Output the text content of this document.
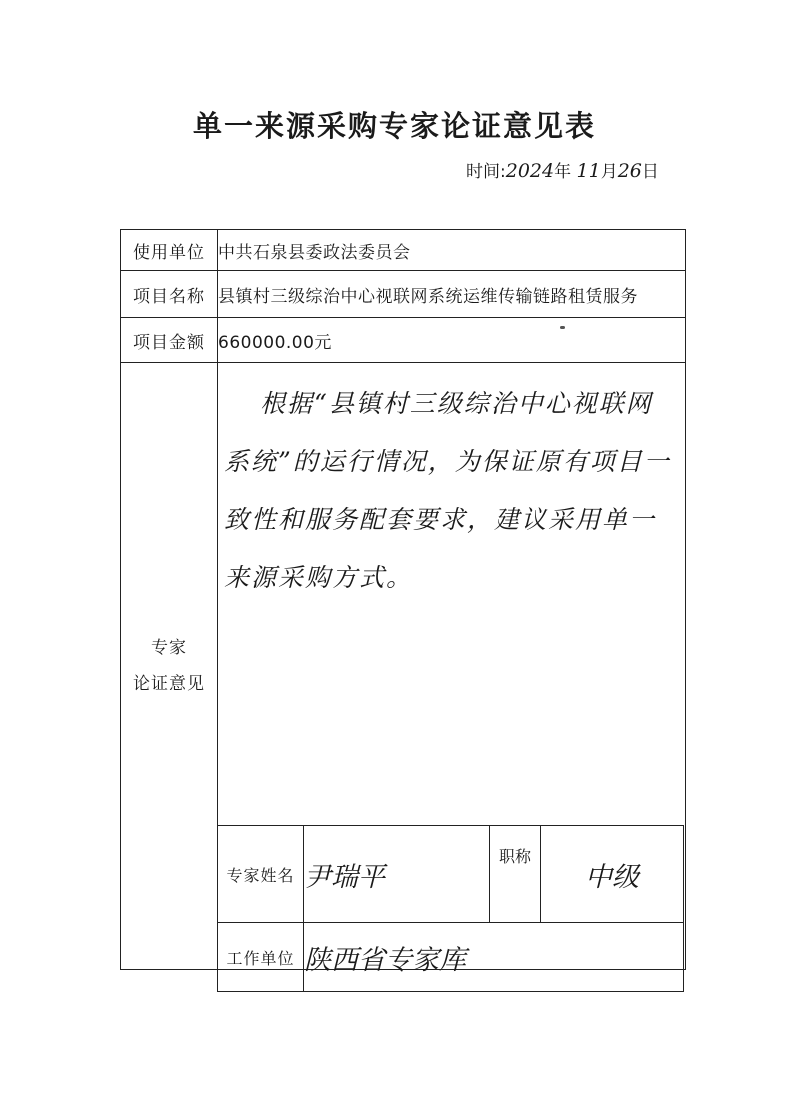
单一来源采购专家论证意见表
时间:2024年 11月26日
使用单位	中共石泉县委政法委员会
项目名称	县镇村三级综治中心视联网系统运维传输链路租赁服务
项目金额	660000.00元

专家
论证意见

根据“县镇村三级综治中心视联网系统”的运行情况，为保证原有项目一致性和服务配套要求，建议采用单一来源采购方式。
专家姓名	尹瑞平	职称	中级
工作单位	陕西省专家库
